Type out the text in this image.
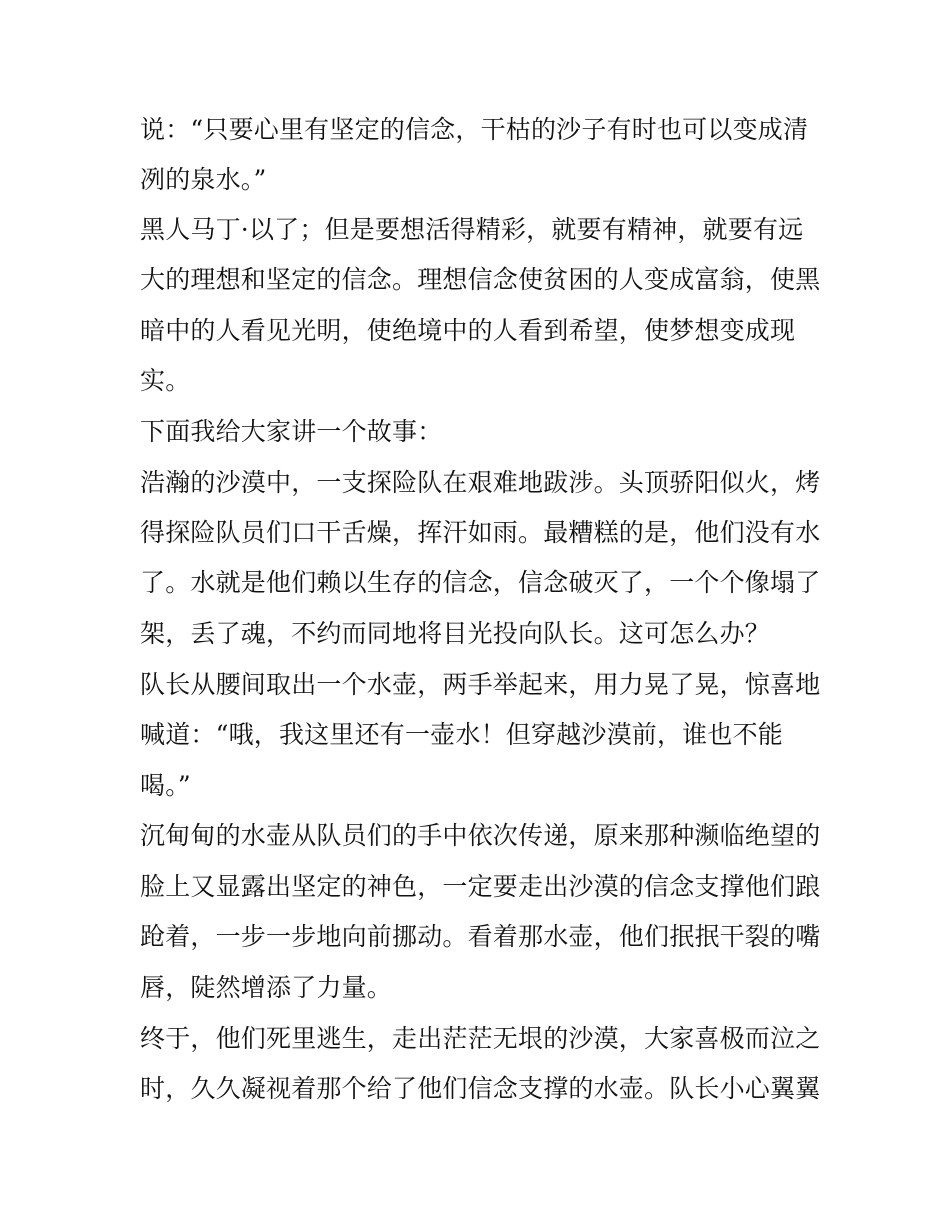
说：“只要心里有坚定的信念，干枯的沙子有时也可以变成清

冽的泉水。”

黑人马丁·以了；但是要想活得精彩，就要有精神，就要有远

大的理想和坚定的信念。理想信念使贫困的人变成富翁，使黑

暗中的人看见光明，使绝境中的人看到希望，使梦想变成现

实。

下面我给大家讲一个故事：

浩瀚的沙漠中，一支探险队在艰难地跋涉。头顶骄阳似火，烤

得探险队员们口干舌燥，挥汗如雨。最糟糕的是，他们没有水

了。水就是他们赖以生存的信念，信念破灭了，一个个像塌了

架，丢了魂，不约而同地将目光投向队长。这可怎么办？

队长从腰间取出一个水壶，两手举起来，用力晃了晃，惊喜地

喊道：“哦，我这里还有一壶水！但穿越沙漠前，谁也不能

喝。”

沉甸甸的水壶从队员们的手中依次传递，原来那种濒临绝望的

脸上又显露出坚定的神色，一定要走出沙漠的信念支撑他们踉

跄着，一步一步地向前挪动。看着那水壶，他们抿抿干裂的嘴

唇，陡然增添了力量。

终于，他们死里逃生，走出茫茫无垠的沙漠，大家喜极而泣之

时，久久凝视着那个给了他们信念支撑的水壶。队长小心翼翼
